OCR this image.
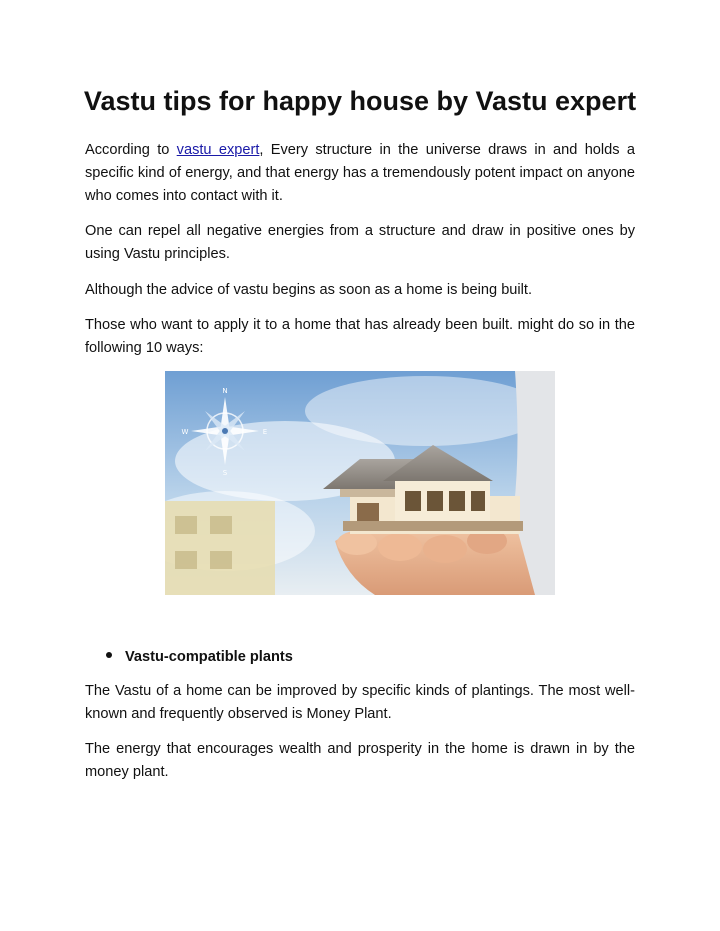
Vastu tips for happy house by Vastu expert

According to vastu expert, Every structure in the universe draws in and holds a specific kind of energy, and that energy has a tremendously potent impact on anyone who comes into contact with it.

One can repel all negative energies from a structure and draw in positive ones by using Vastu principles.

Although the advice of vastu begins as soon as a home is being built.

Those who want to apply it to a home that has already been built. might do so in the following 10 ways:

N
E
S
W
Vastu-compatible plants

The Vastu of a home can be improved by specific kinds of plantings. The most well-known and frequently observed is Money Plant.

The energy that encourages wealth and prosperity in the home is drawn in by the money plant.
